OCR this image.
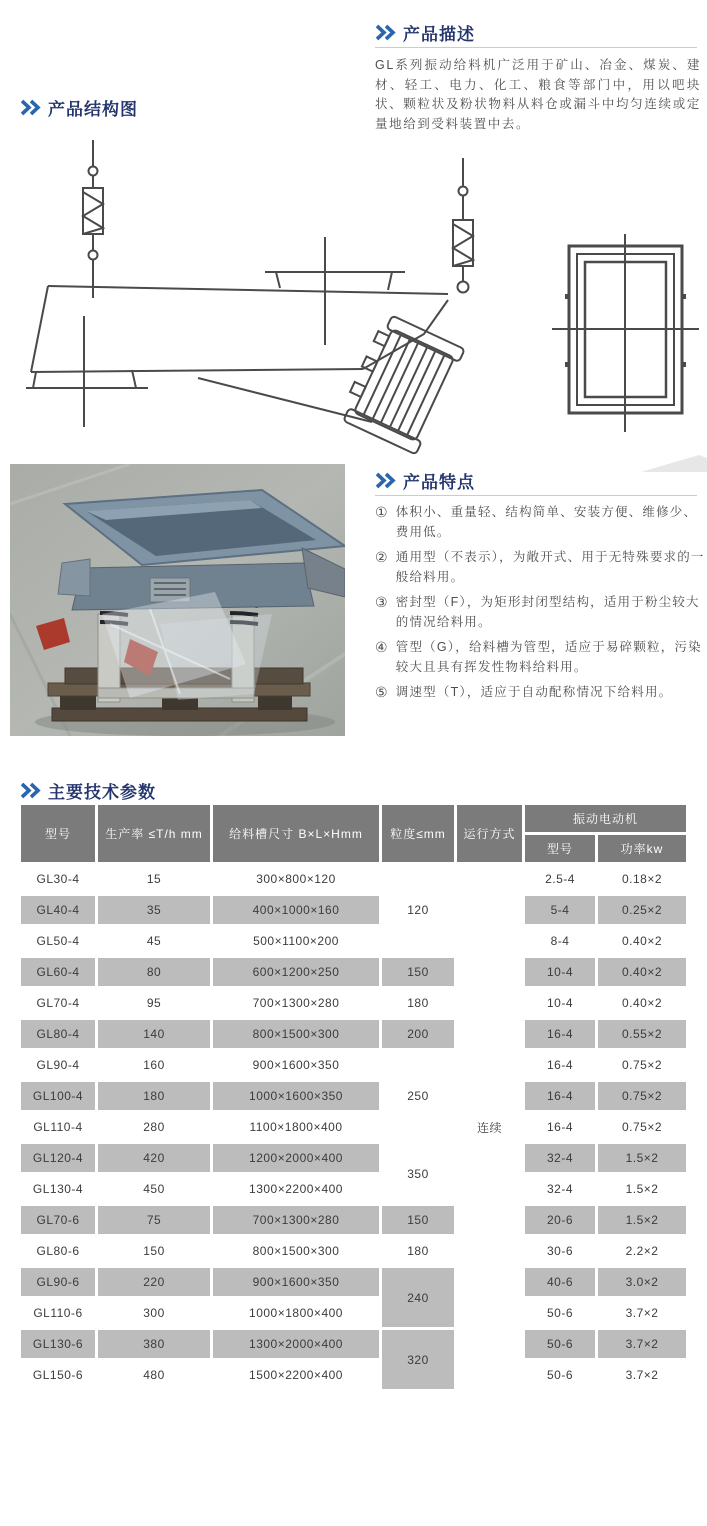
产品结构图
产品描述
GL系列振动给料机广泛用于矿山、冶金、煤炭、建材、轻工、电力、化工、粮食等部门中，用以吧块状、颗粒状及粉状物料从料仓或漏斗中均匀连续或定量地给到受料装置中去。
产品特点
① 体积小、重量轻、结构简单、安装方便、维修少、费用低。
② 通用型（不表示），为敞开式、用于无特殊要求的一般给料用。
③ 密封型（F），为矩形封闭型结构，适用于粉尘较大的情况给料用。
④ 管型（G），给料槽为管型，适应于易碎颗粒，污染较大且具有挥发性物料给料用。
⑤ 调速型（T），适应于自动配称情况下给料用。
主要技术参数
型号	生产率 ≤T/h mm	给料槽尺寸 B×L×Hmm	粒度≤mm	运行方式	振动电动机	
					型号	功率kw
GL30-4	15	300×800×120	120	连续	2.5-4	0.18×2
GL40-4	35	400×1000×160			5-4	0.25×2
GL50-4	45	500×1100×200			8-4	0.40×2
GL60-4	80	600×1200×250	150		10-4	0.40×2
GL70-4	95	700×1300×280	180		10-4	0.40×2
GL80-4	140	800×1500×300	200		16-4	0.55×2
GL90-4	160	900×1600×350	250		16-4	0.75×2
GL100-4	180	1000×1600×350			16-4	0.75×2
GL110-4	280	1100×1800×400			16-4	0.75×2
GL120-4	420	1200×2000×400	350		32-4	1.5×2
GL130-4	450	1300×2200×400			32-4	1.5×2
GL70-6	75	700×1300×280	150		20-6	1.5×2
GL80-6	150	800×1500×300	180		30-6	2.2×2
GL90-6	220	900×1600×350	240		40-6	3.0×2
GL110-6	300	1000×1800×400			50-6	3.7×2
GL130-6	380	1300×2000×400	320		50-6	3.7×2
GL150-6	480	1500×2200×400			50-6	3.7×2
